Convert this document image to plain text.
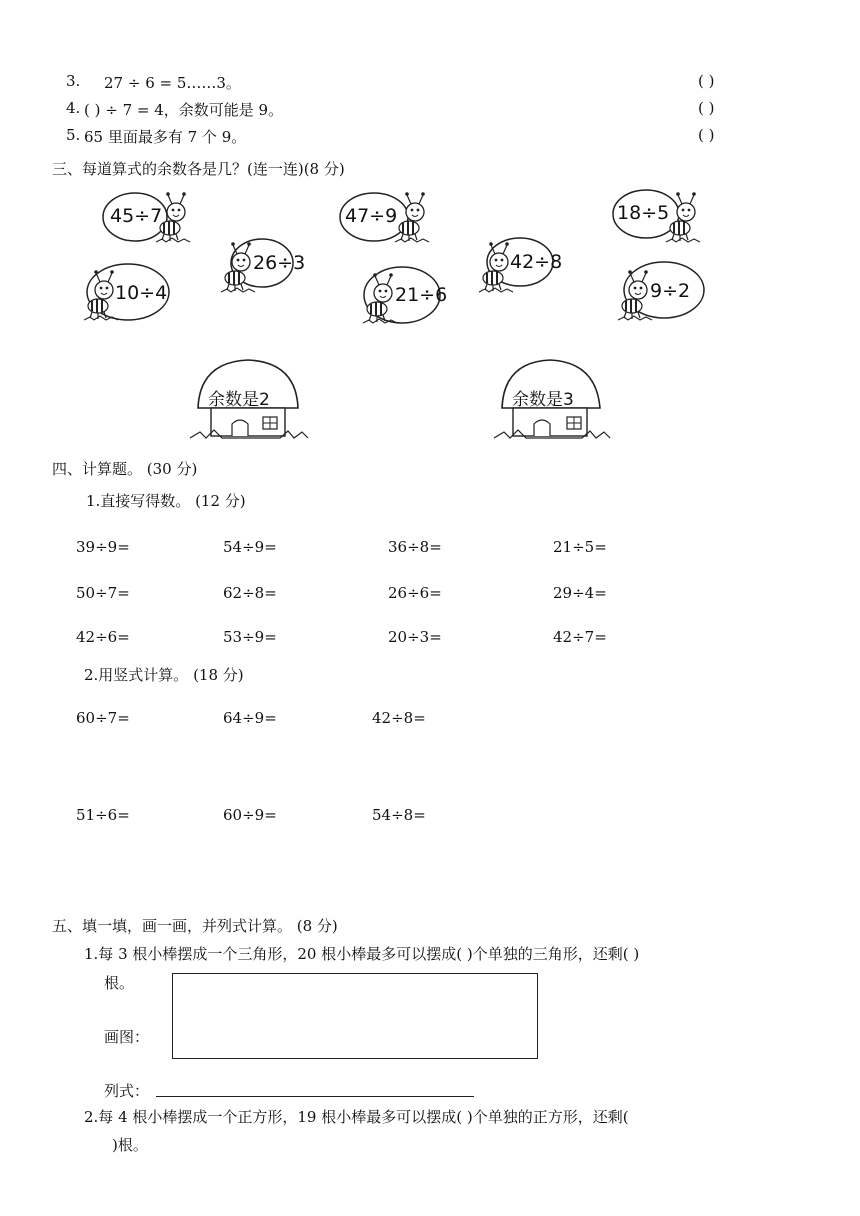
3. 27 ÷ 6 = 5……3。	( )
4. ( ) ÷ 7 = 4，余数可能是 9。	( )
5. 65 里面最多有 7 个 9。	( )
三、每道算式的余数各是几？(连一连)(8 分)
45÷7	47÷9	18÷5
26÷3	42÷8
10÷4	21÷6	9÷2
余数是2	余数是3
四、计算题。 (30 分)
1.直接写得数。 (12 分)
39÷9=	54÷9=	36÷8=	21÷5=
50÷7=	62÷8=	26÷6=	29÷4=
42÷6=	53÷9=	20÷3=	42÷7=
2.用竖式计算。 (18 分)
60÷7=	64÷9=	42÷8=
51÷6=	60÷9=	54÷8=
五、填一填，画一画，并列式计算。 (8 分)
1.每 3 根小棒摆成一个三角形，20 根小棒最多可以摆成( )个单独的三角形，还剩( )
根。
画图：
列式：
2.每 4 根小棒摆成一个正方形，19 根小棒最多可以摆成( )个单独的正方形，还剩(
)根。
